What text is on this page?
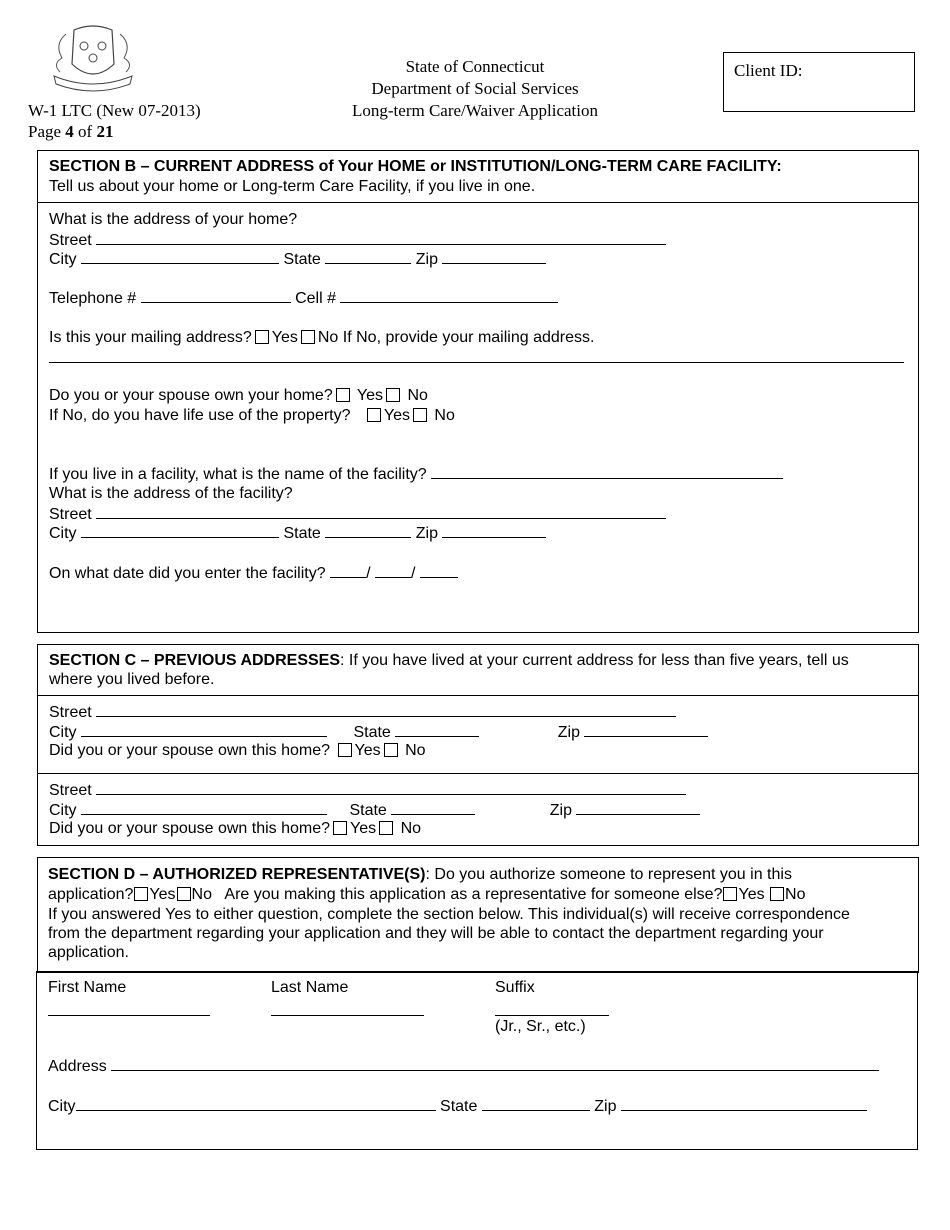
Client ID:
State of Connecticut
Department of Social Services
Long-term Care/Waiver Application
W-1 LTC (New 07-2013)
Page 4 of 21
SECTION B – CURRENT ADDRESS of Your HOME or INSTITUTION/LONG-TERM CARE FACILITY:
Tell us about your home or Long-term Care Facility, if you live in one.
What is the address of your home?
Street
City	State	Zip
Telephone #	Cell #
Is this your mailing address? Yes No If No, provide your mailing address.
Do you or your spouse own your home? Yes No
If No, do you have life use of the property? Yes No
If you live in a facility, what is the name of the facility?
What is the address of the facility?
Street
City	State	Zip
On what date did you enter the facility?	/	/
SECTION C – PREVIOUS ADDRESSES: If you have lived at your current address for less than five years, tell us
where you lived before.
Street
City	State	Zip
Did you or your spouse own this home? Yes No
Street
City	State	Zip
Did you or your spouse own this home? Yes No
SECTION D – AUTHORIZED REPRESENTATIVE(S): Do you authorize someone to represent you in this
application? Yes No Are you making this application as a representative for someone else? Yes No
If you answered Yes to either question, complete the section below. This individual(s) will receive correspondence
from the department regarding your application and they will be able to contact the department regarding your
application.
First Name	Last Name	Suffix
(Jr., Sr., etc.)
Address
City	State	Zip
